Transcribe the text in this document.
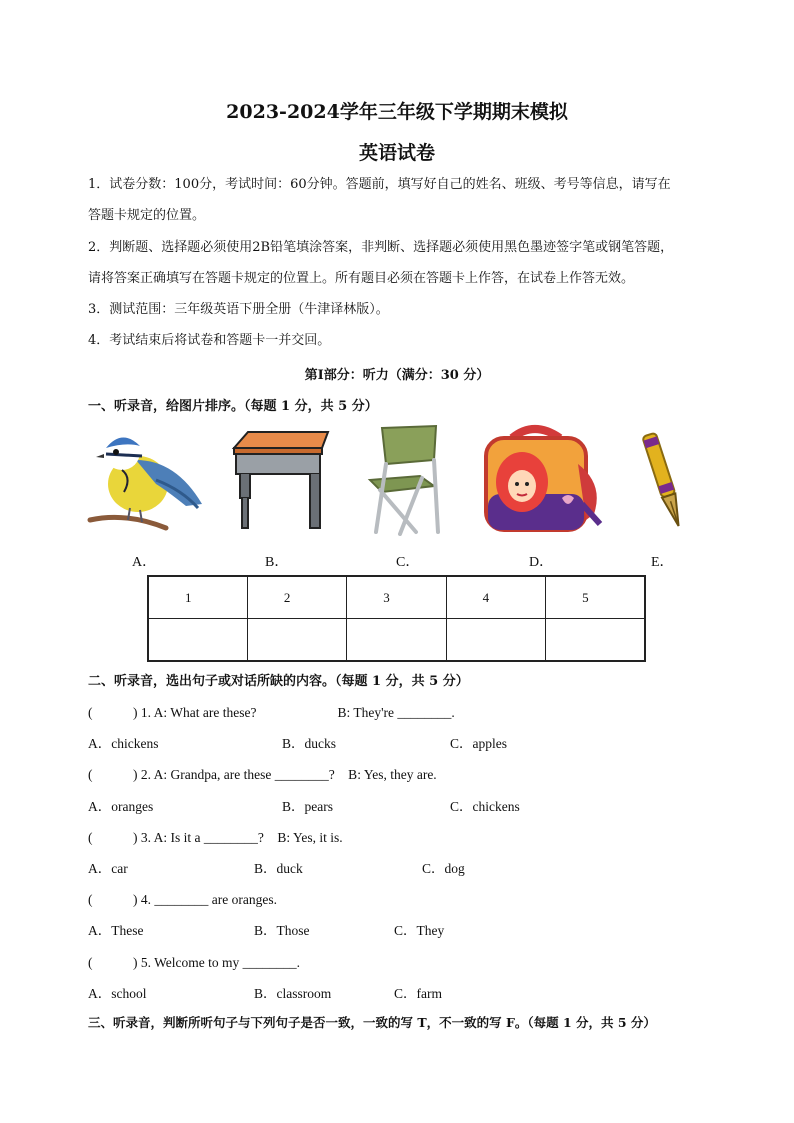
2023-2024学年三年级下学期期末模拟
英语试卷
1．试卷分数：100分，考试时间：60分钟。答题前，填写好自己的姓名、班级、考号等信息，请写在
答题卡规定的位置。
2．判断题、选择题必须使用2B铅笔填涂答案，非判断、选择题必须使用黑色墨迹签字笔或钢笔答题，
请将答案正确填写在答题卡规定的位置上。所有题目必须在答题卡上作答，在试卷上作答无效。
3．测试范围：三年级英语下册全册（牛津译林版）。
4．考试结束后将试卷和答题卡一并交回。
第Ⅰ部分：听力（满分：30 分）
一、听录音，给图片排序。（每题 1 分，共 5 分）
A．	B．	C．	D．	E．
1	2	3	4	5

二、听录音，选出句子或对话所缺的内容。（每题 1 分，共 5 分）
(　　　) 1. A: What are these?　　　　　　B: They're ________.
A．chickens	B．ducks	C．apples
(　　　) 2. A: Grandpa, are these ________?　B: Yes, they are.
A．oranges	B．pears	C．chickens
(　　　) 3. A: Is it a ________?　B: Yes, it is.
A．car	B．duck	C．dog
(　　　) 4. ________ are oranges.
A．These	B．Those	C．They
(　　　) 5. Welcome to my ________.
A．school	B．classroom	C．farm
三、听录音，判断所听句子与下列句子是否一致，一致的写 T，不一致的写 F。（每题 1 分，共 5 分）
